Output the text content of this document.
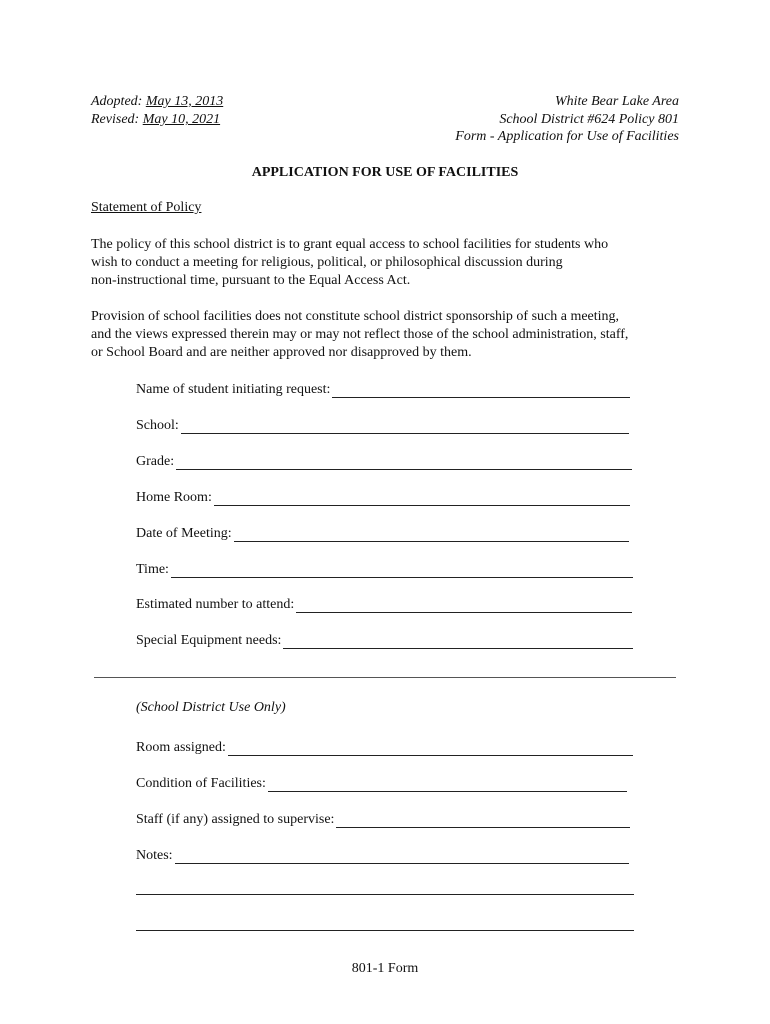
Adopted: May 13, 2013
Revised: May 10, 2021
White Bear Lake Area
School District #624 Policy 801
Form - Application for Use of Facilities
APPLICATION FOR USE OF FACILITIES
Statement of Policy

The policy of this school district is to grant equal access to school facilities for students who
wish to conduct a meeting for religious, political, or philosophical discussion during
non-instructional time, pursuant to the Equal Access Act.

Provision of school facilities does not constitute school district sponsorship of such a meeting,
and the views expressed therein may or may not reflect those of the school administration, staff,
or School Board and are neither approved nor disapproved by them.

Name of student initiating request:
School:
Grade:
Home Room:
Date of Meeting:
Time:
Estimated number to attend:
Special Equipment needs:
(School District Use Only)
Room assigned:
Condition of Facilities:
Staff (if any) assigned to supervise:
Notes:
801-1 Form
